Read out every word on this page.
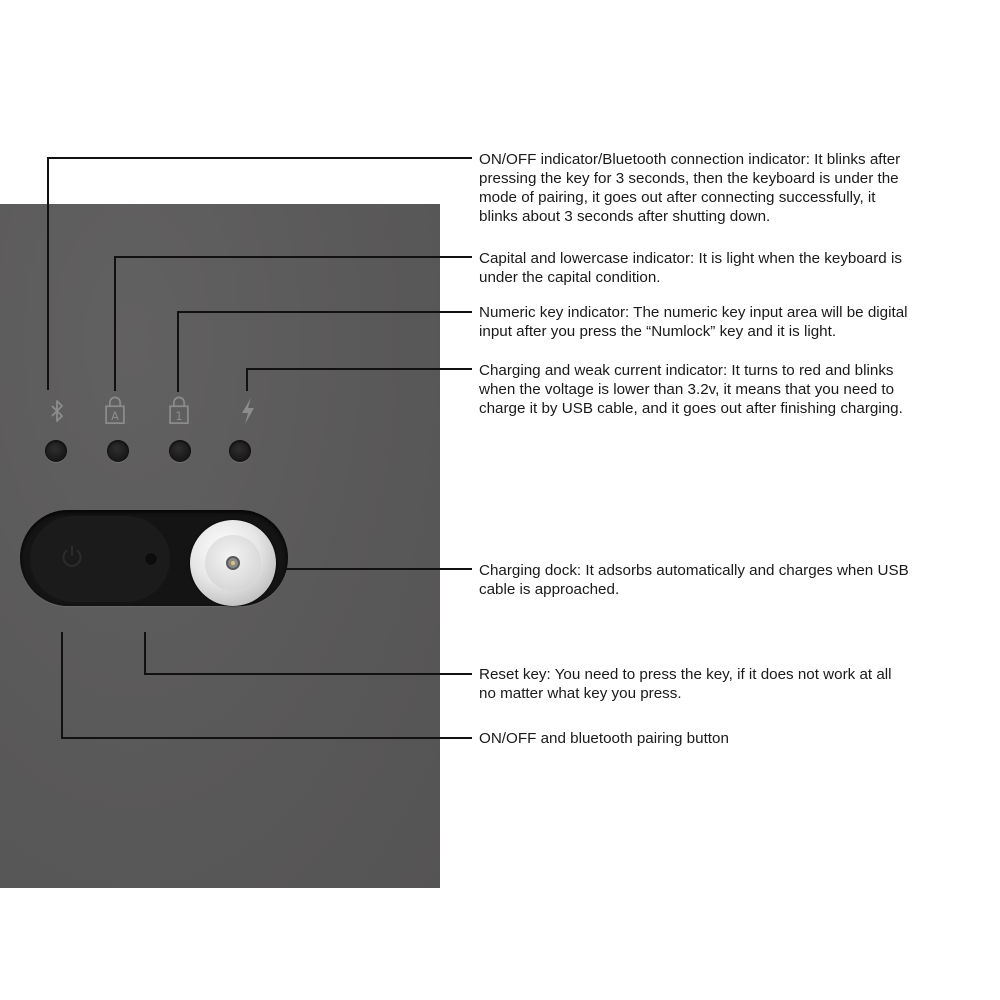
A	1

ON/OFF indicator/Bluetooth connection indicator: It blinks after
pressing the key for 3 seconds, then the keyboard is under the
mode of pairing, it goes out after connecting successfully, it
blinks about 3 seconds after shutting down.

Capital and lowercase indicator: It is light when the keyboard is
under the capital condition.

Numeric key indicator: The numeric key input area will be digital
input after you press the “Numlock” key and it is light.

Charging and weak current indicator: It turns to red and blinks
when the voltage is lower than 3.2v, it means that you need to
charge it by USB cable, and it goes out after finishing charging.

Charging dock: It adsorbs automatically and charges when USB
cable is approached.

Reset key: You need to press the key, if it does not work at all
no matter what key you press.

ON/OFF and bluetooth pairing button
